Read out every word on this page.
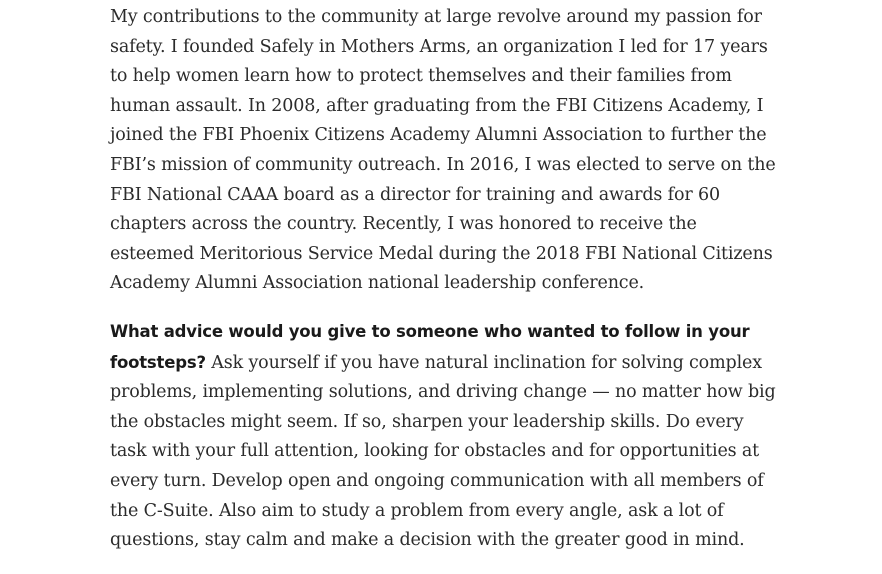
My contributions to the community at large revolve around my passion for safety. I founded Safely in Mothers Arms, an organization I led for 17 years to help women learn how to protect themselves and their families from human assault. In 2008, after graduating from the FBI Citizens Academy, I joined the FBI Phoenix Citizens Academy Alumni Association to further the FBI’s mission of community outreach. In 2016, I was elected to serve on the FBI National CAAA board as a director for training and awards for 60 chapters across the country. Recently, I was honored to receive the esteemed Meritorious Service Medal during the 2018 FBI National Citizens Academy Alumni Association national leadership conference.

What advice would you give to someone who wanted to follow in your footsteps? Ask yourself if you have natural inclination for solving complex problems, implementing solutions, and driving change — no matter how big the obstacles might seem. If so, sharpen your leadership skills. Do every task with your full attention, looking for obstacles and for opportunities at every turn. Develop open and ongoing communication with all members of the C-Suite. Also aim to study a problem from every angle, ask a lot of questions, stay calm and make a decision with the greater good in mind.
